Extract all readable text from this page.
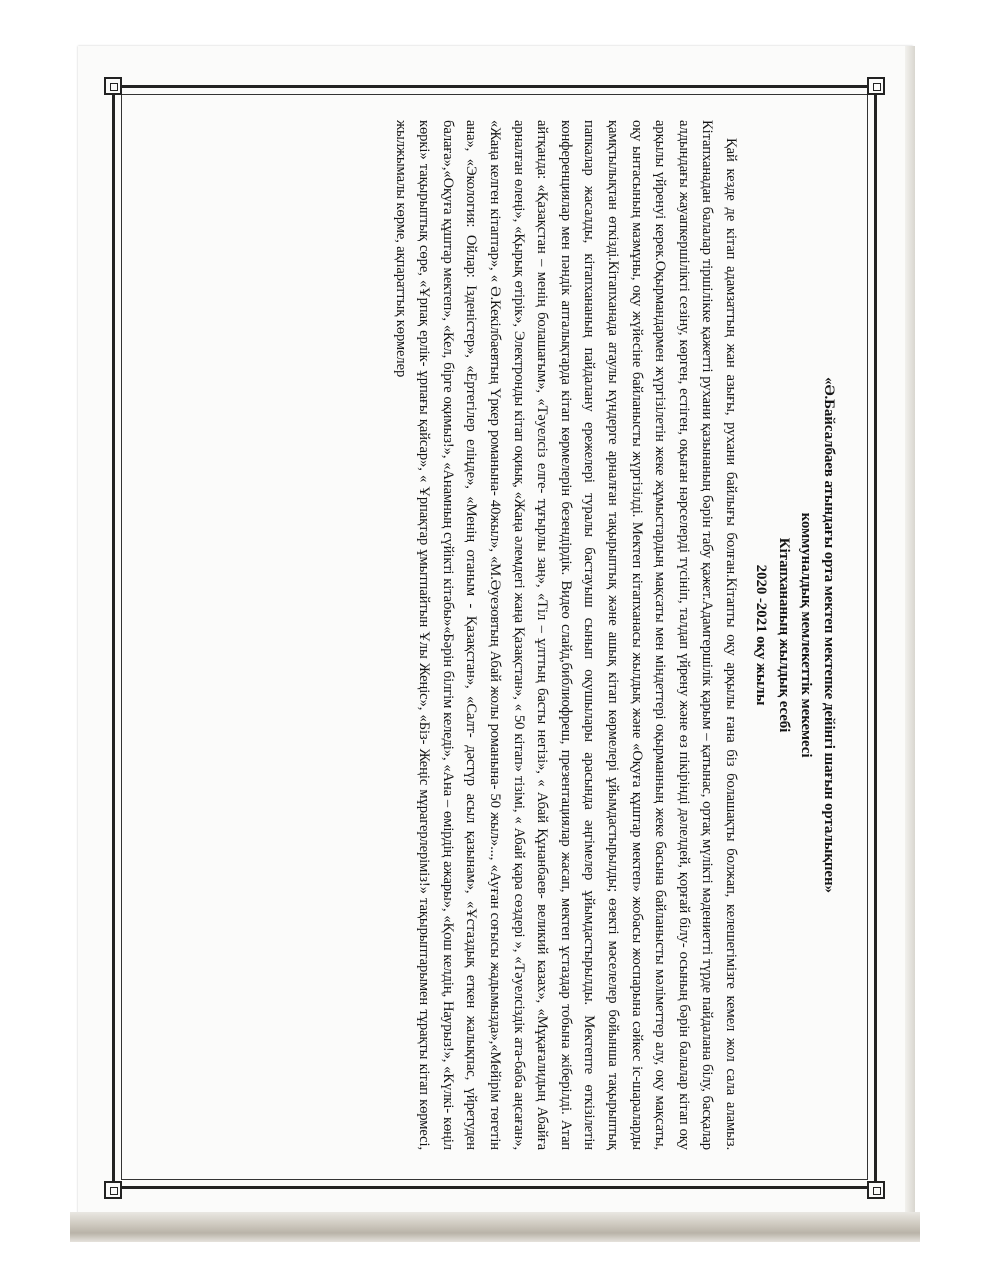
«Ә.Байсалбаев атындағы орта мектеп мектепке дейінгі шағын орталықпен»
коммуналдық мемлекеттік мекемесі
Кітапхананың жылдық есебі
2020 -2021 оқу жылы

Қай кезде де кітап адамзаттың жан азығы, рухани байлығы болған.Кітапты оқу арқылы ғана біз болашақты болжап, келешегімізге кемел жол сала аламыз. Кітапханадан балалар тіршілікке қажетті рухани қазынаның бәрін табу қажет.Адамгершілік қарым – қатынас, ортақ мүлікті мәдениетті түрде пайдалана білу, басқалар алдындағы жауапкершілікті сезіну, көрген, естіген, оқыған нәрселерді түсініп, талдап үйрену және өз пікірінді дәлелдей, қорғай білу- осының бәрін балалар кітап оқу арқылы үйренуі керек.Оқырмандармен жүргізілетін жеке жұмыстардың мақсаты мен міндеттері оқырманның жеке басына байланысты мәліметтер алу, оқу мақсаты, оқу ынтасының мазмұны, оқу жүйесіне байланысты жүргізілді. Мектеп кітапханасы жылдық және «Оқуға құштар мектеп» жобасы жоспарына сәйкес іс-шараларды қамқтылықтан өткізді.Кітапханада атаулы күндерге арналған тақырыптық және ашық кітап көрмелері ұйымдастырылды; өзекті мәселелер бойынша тақырыптық папкалар жасалды, кітапхананың пайдалану ережелері туралы бастауыш сынып оқушылары арасында әңгімелер ұйымдастырылды. Мектепте өткізілетін конференциялар мен пәндік апталықтарда кітап көрмелерін безендірдік. Видео слайд,библиофреш, презентациялар жасап, мектеп ұстаздар тобына жіберілді. Атап айтқанда: «Қазақстан – менің болашағым», «Тәуелсіз елге- тұғырлы заң», «Тіл – ұлттың басты негізі», « Абай Құнанбаев- великий казах», «Мұқағалидың Абайға арналған өлеңі», «Қырық өтірік», Электронды кітап оқиық, «Жаңа әлемдегі жаңа Қазақстан», « 50 кітап» тізімі, « Абай қара сөздері », «Тәуелсіздік ата-баба аңсаған», «Жаңа келген кітаптар», « Ә.Кекілбаевтың Үркер романына- 40жыл», «М.Әуезовтың Абай жолы романына- 50 жыл»..., «Ауған соғысы жадымызда»,«Мейірім төгетін ана», «Экология: Ойлар: Ізденістер», «Ертегілер еліңде», «Менің отаным - Қазақстан», «Салт- дәстүр асыл қазынам», «Ұстаздық еткен жалықпас, үйретуден балаға»,«Оқуға құштар мектеп», «Кел, бірге оқимыз!», «Анамның сүйікті кітабы»«Бәрін білгім келеді», «Ана – өмірдің ажары», «Қош келдің, Наурыз!», «Күлкі- көңіл көркі» тақырыптық сөре, «Ұрпақ ерлік- ұрпағы қайсар», « Ұрпақтар ұмытпайтын Ұлы Жеңіс», «Біз- Жеңіс мұрагерлеріміз!» тақырыптарымен тұрақты кітап көрмесі, жылжымалы көрме, ақпараттық көрмелер
